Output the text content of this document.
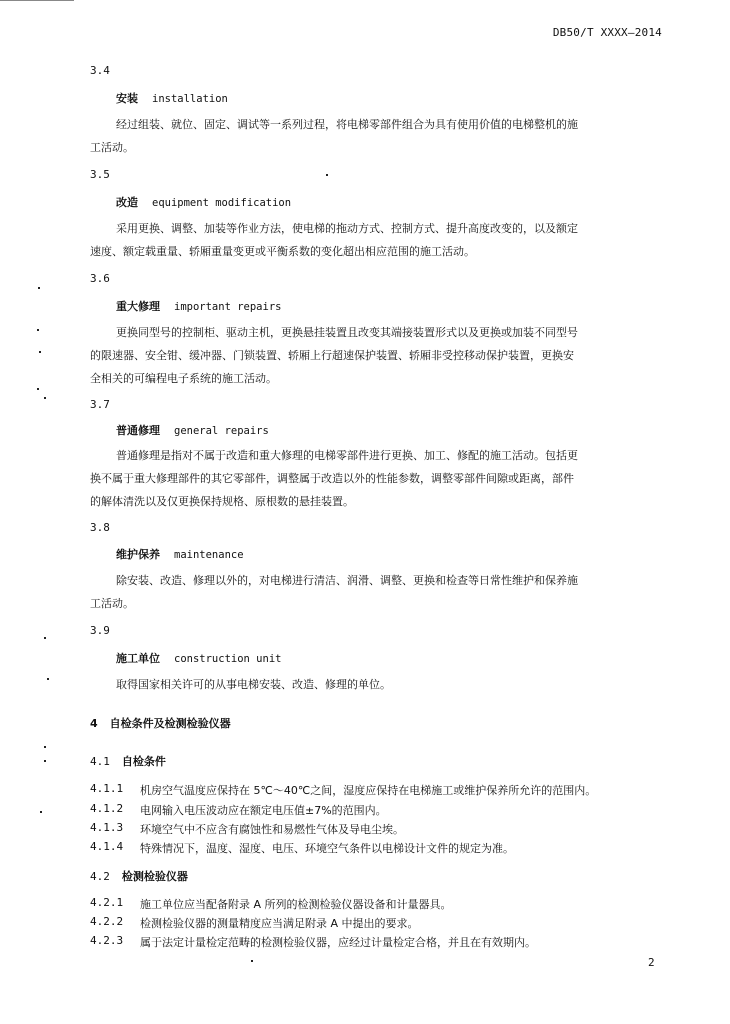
DB50/T XXXX—2014
3.4
安装 installation
经过组装、就位、固定、调试等一系列过程，将电梯零部件组合为具有使用价值的电梯整机的施
工活动。
3.5
改造 equipment modification
采用更换、调整、加装等作业方法，使电梯的拖动方式、控制方式、提升高度改变的，以及额定
速度、额定载重量、轿厢重量变更或平衡系数的变化超出相应范围的施工活动。
3.6
重大修理 important repairs
更换同型号的控制柜、驱动主机，更换悬挂装置且改变其端接装置形式以及更换或加装不同型号
的限速器、安全钳、缓冲器、门锁装置、轿厢上行超速保护装置、轿厢非受控移动保护装置，更换安
全相关的可编程电子系统的施工活动。
3.7
普通修理 general repairs
普通修理是指对不属于改造和重大修理的电梯零部件进行更换、加工、修配的施工活动。包括更
换不属于重大修理部件的其它零部件，调整属于改造以外的性能参数，调整零部件间隙或距离，部件
的解体清洗以及仅更换保持规格、原根数的悬挂装置。
3.8
维护保养 maintenance
除安装、改造、修理以外的，对电梯进行清洁、润滑、调整、更换和检查等日常性维护和保养施
工活动。
3.9
施工单位 construction unit
取得国家相关许可的从事电梯安装、改造、修理的单位。
4 自检条件及检测检验仪器
4.1 自检条件
4.1.1 机房空气温度应保持在 5℃～40℃之间，湿度应保持在电梯施工或维护保养所允许的范围内。
4.1.2 电网输入电压波动应在额定电压值±7%的范围内。
4.1.3 环境空气中不应含有腐蚀性和易燃性气体及导电尘埃。
4.1.4 特殊情况下，温度、湿度、电压、环境空气条件以电梯设计文件的规定为准。
4.2 检测检验仪器
4.2.1 施工单位应当配备附录 A 所列的检测检验仪器设备和计量器具。
4.2.2 检测检验仪器的测量精度应当满足附录 A 中提出的要求。
4.2.3 属于法定计量检定范畴的检测检验仪器，应经过计量检定合格，并且在有效期内。
2
